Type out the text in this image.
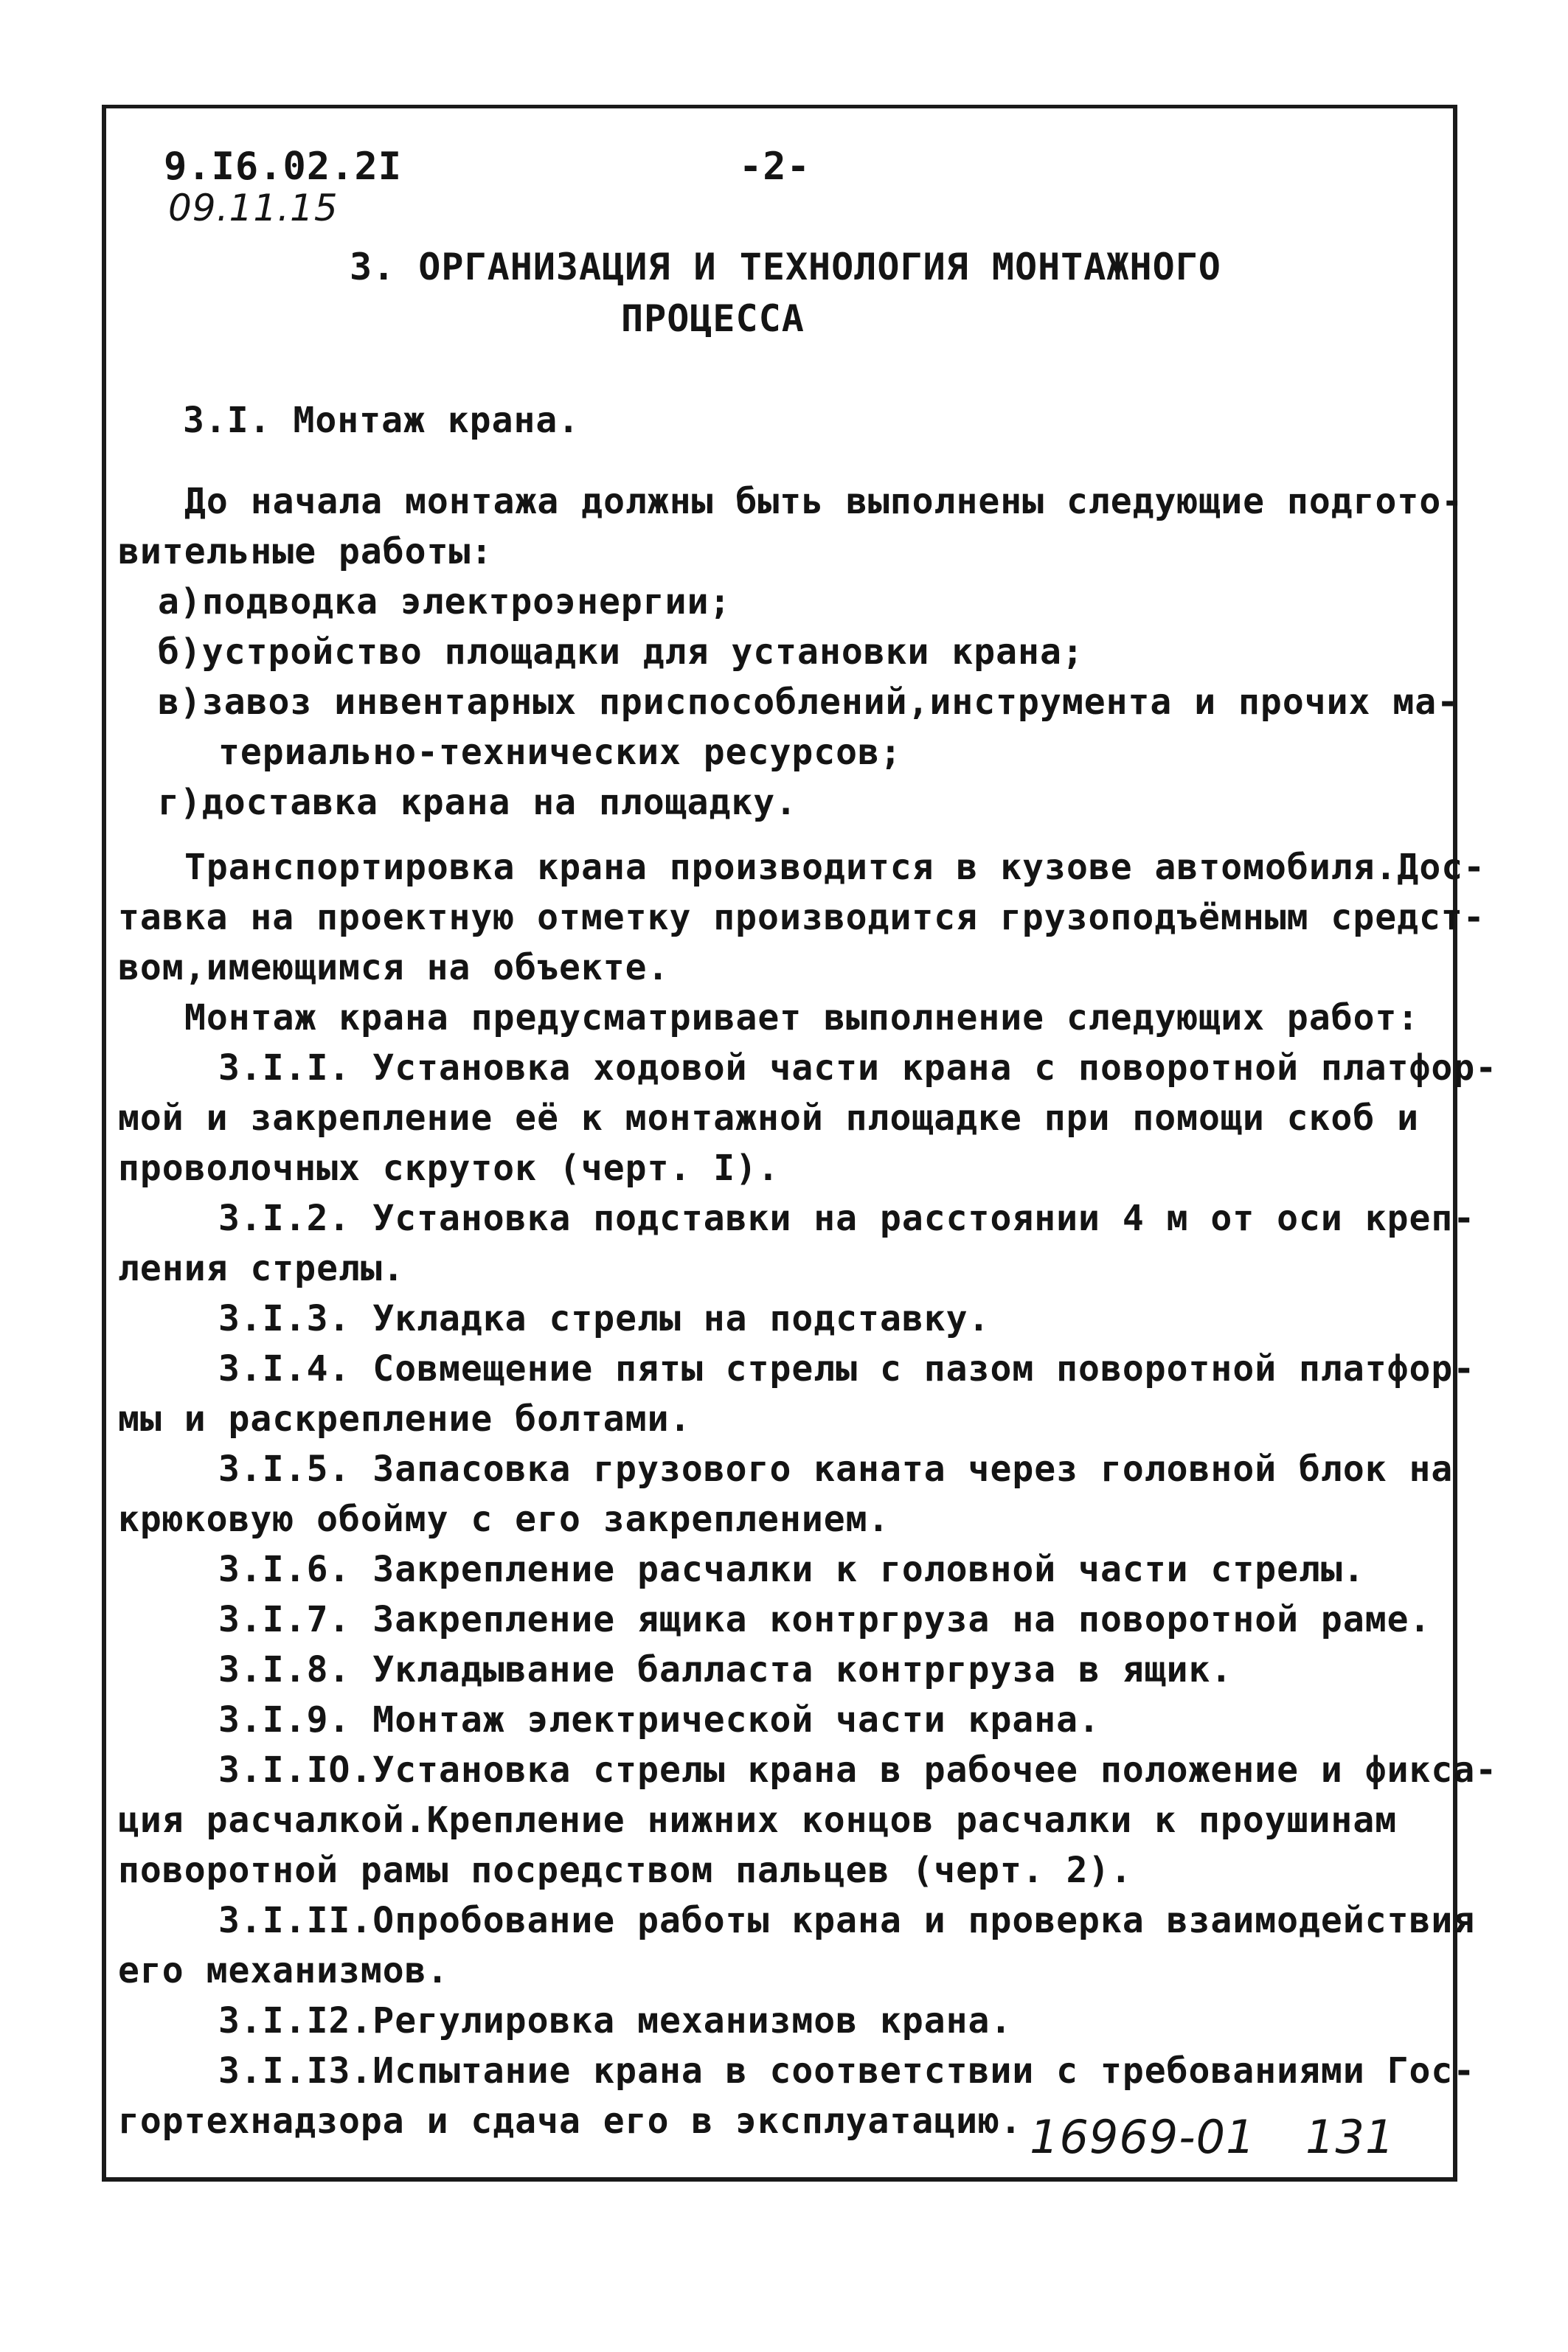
9.I6.02.2I	-2-
09.11.15
3. ОРГАНИЗАЦИЯ И ТЕХНОЛОГИЯ МОНТАЖНОГО
ПРОЦЕССА
3.I. Монтаж крана.
До начала монтажа должны быть выполнены следующие подгото-
вительные работы:
а)подводка электроэнергии;
б)устройство площадки для установки крана;
в)завоз инвентарных приспособлений,инструмента и прочих ма-
териально-технических ресурсов;
г)доставка крана на площадку.
Транспортировка крана производится в кузове автомобиля.Дос-
тавка на проектную отметку производится грузоподъёмным средст-
вом,имеющимся на объекте.
Монтаж крана предусматривает выполнение следующих работ:
3.I.I. Установка ходовой части крана с поворотной платфор-
мой и закрепление её к монтажной площадке при помощи скоб и
проволочных скруток (черт. I).
3.I.2. Установка подставки на расстоянии 4 м от оси креп-
ления стрелы.
3.I.3. Укладка стрелы на подставку.
3.I.4. Совмещение пяты стрелы с пазом поворотной платфор-
мы и раскрепление болтами.
3.I.5. Запасовка грузового каната через головной блок на
крюковую обойму с его закреплением.
3.I.6. Закрепление расчалки к головной части стрелы.
3.I.7. Закрепление ящика контргруза на поворотной раме.
3.I.8. Укладывание балласта контргруза в ящик.
3.I.9. Монтаж электрической части крана.
3.I.IO.Установка стрелы крана в рабочее положение и фикса-
ция расчалкой.Крепление нижних концов расчалки к проушинам
поворотной рамы посредством пальцев (черт. 2).
3.I.II.Опробование работы крана и проверка взаимодействия
его механизмов.
3.I.I2.Регулировка механизмов крана.
3.I.I3.Испытание крана в соответствии с требованиями Гос-
гортехнадзора и сдача его в эксплуатацию. 16969-01 131
